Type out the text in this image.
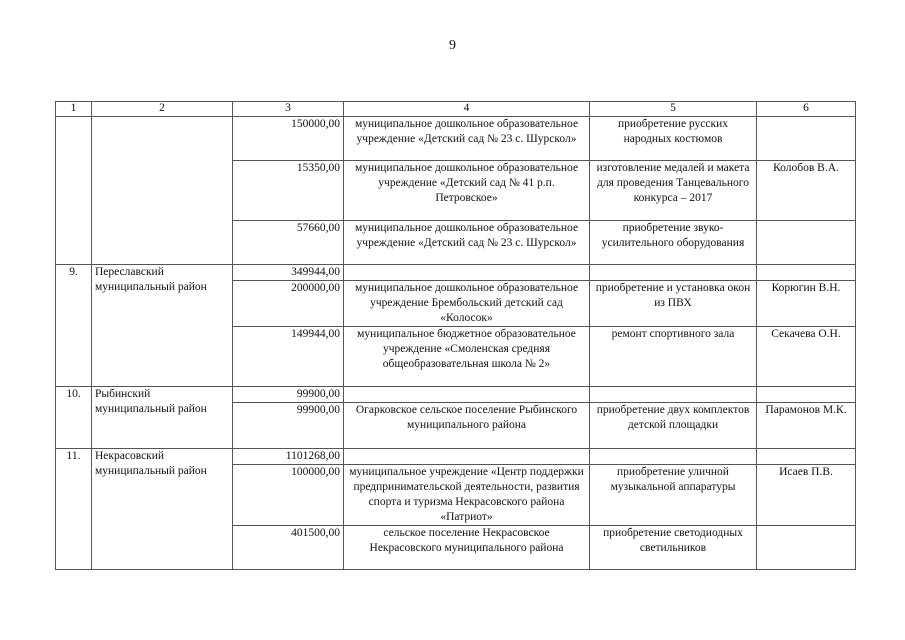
9
1	2	3	4	5	6
		150000,00	муниципальное дошкольное образовательное учреждение «Детский сад № 23 с. Шурскол»	приобретение русских народных костюмов	
		15350,00	муниципальное дошкольное образовательное учреждение «Детский сад № 41 р.п. Петровское»	изготовление медалей и макета для проведения Танцевального конкурса – 2017	Колобов В.А.
		57660,00	муниципальное дошкольное образовательное учреждение «Детский сад № 23 с. Шурскол»	приобретение звуко-усилительного оборудования	
9.	Переславский муниципальный район	349944,00			
		200000,00	муниципальное дошкольное образовательное учреждение Брембольский детский сад «Колосок»	приобретение и установка окон из ПВХ	Корюгин В.Н.
		149944,00	муниципальное бюджетное образовательное учреждение «Смоленская средняя общеобразовательная школа № 2»	ремонт спортивного зала	Секачева О.Н.
10.	Рыбинский муниципальный район	99900,00			
		99900,00	Огарковское сельское поселение Рыбинского муниципального района	приобретение двух комплектов детской площадки	Парамонов М.К.
11.	Некрасовский муниципальный район	1101268,00			
		100000,00	муниципальное учреждение «Центр поддержки предпринимательской деятельности, развития спорта и туризма Некрасовского района «Патриот»	приобретение уличной музыкальной аппаратуры	Исаев П.В.
		401500,00	сельское поселение Некрасовское Некрасовского муниципального района	приобретение светодиодных светильников	
